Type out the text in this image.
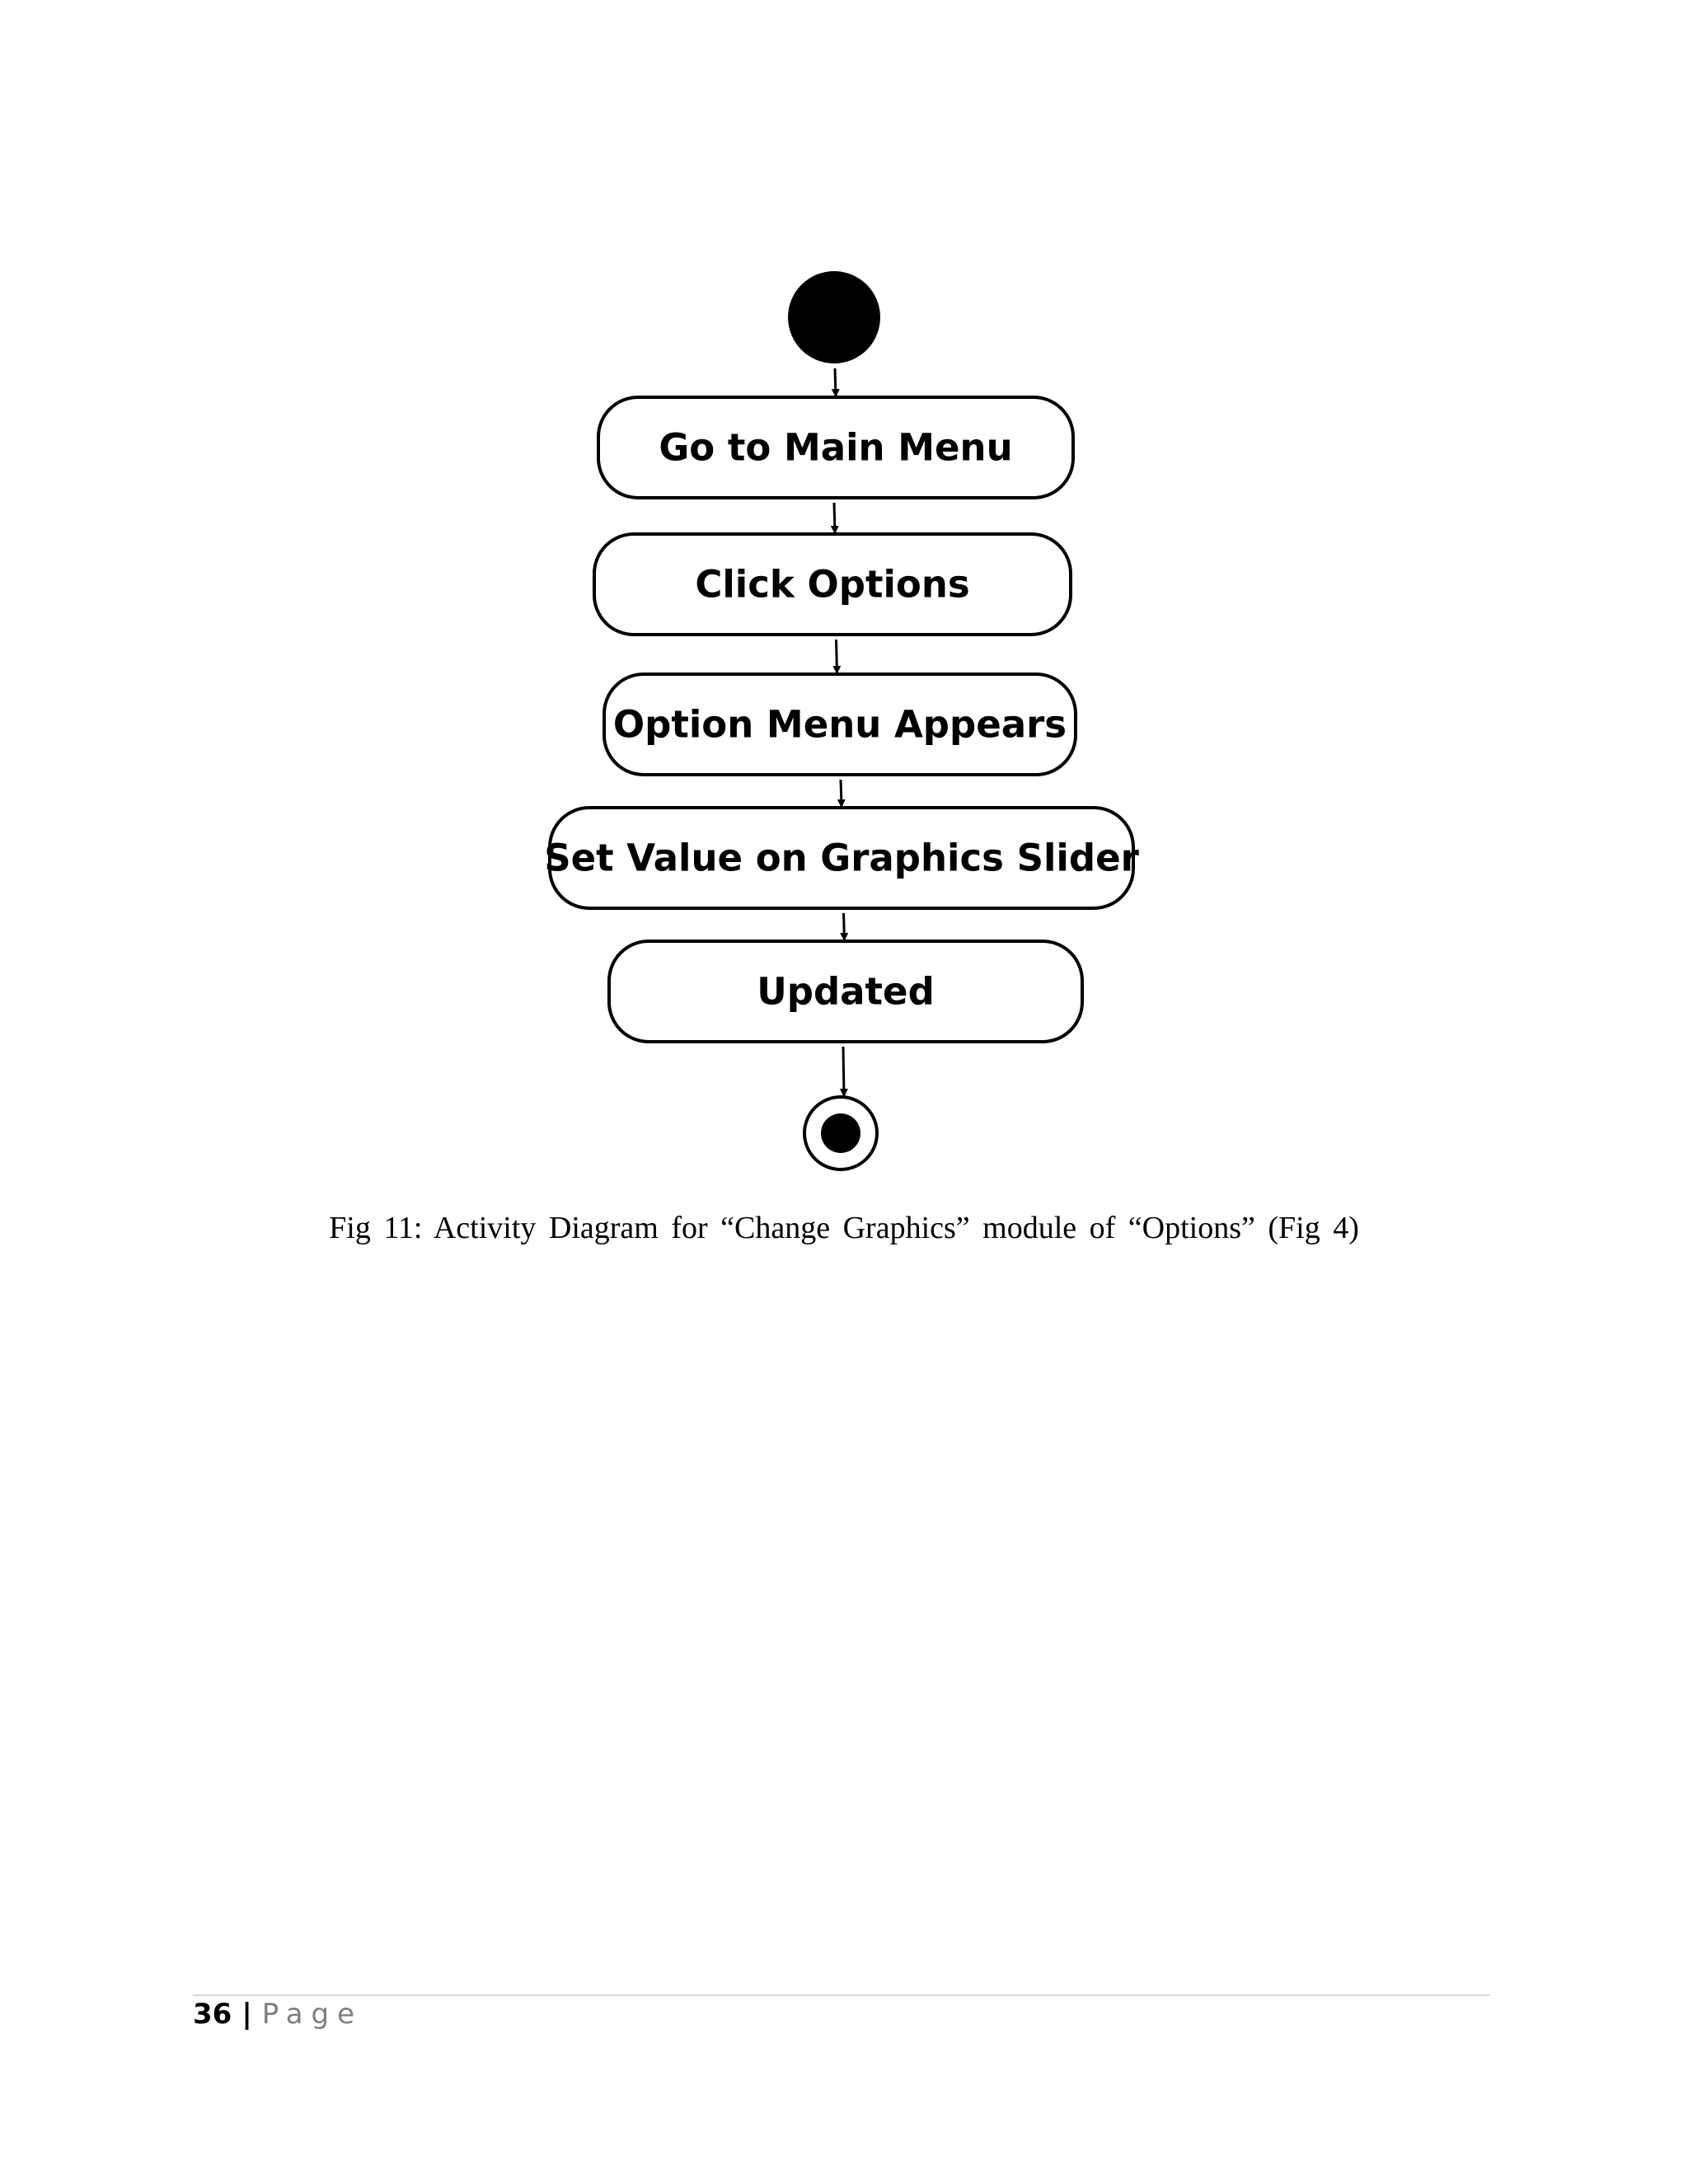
Go to Main Menu
Click Options
Option Menu Appears
Set Value on Graphics Slider
Updated
Fig 11: Activity Diagram for “Change Graphics” module of “Options” (Fig 4)
36 | Page
